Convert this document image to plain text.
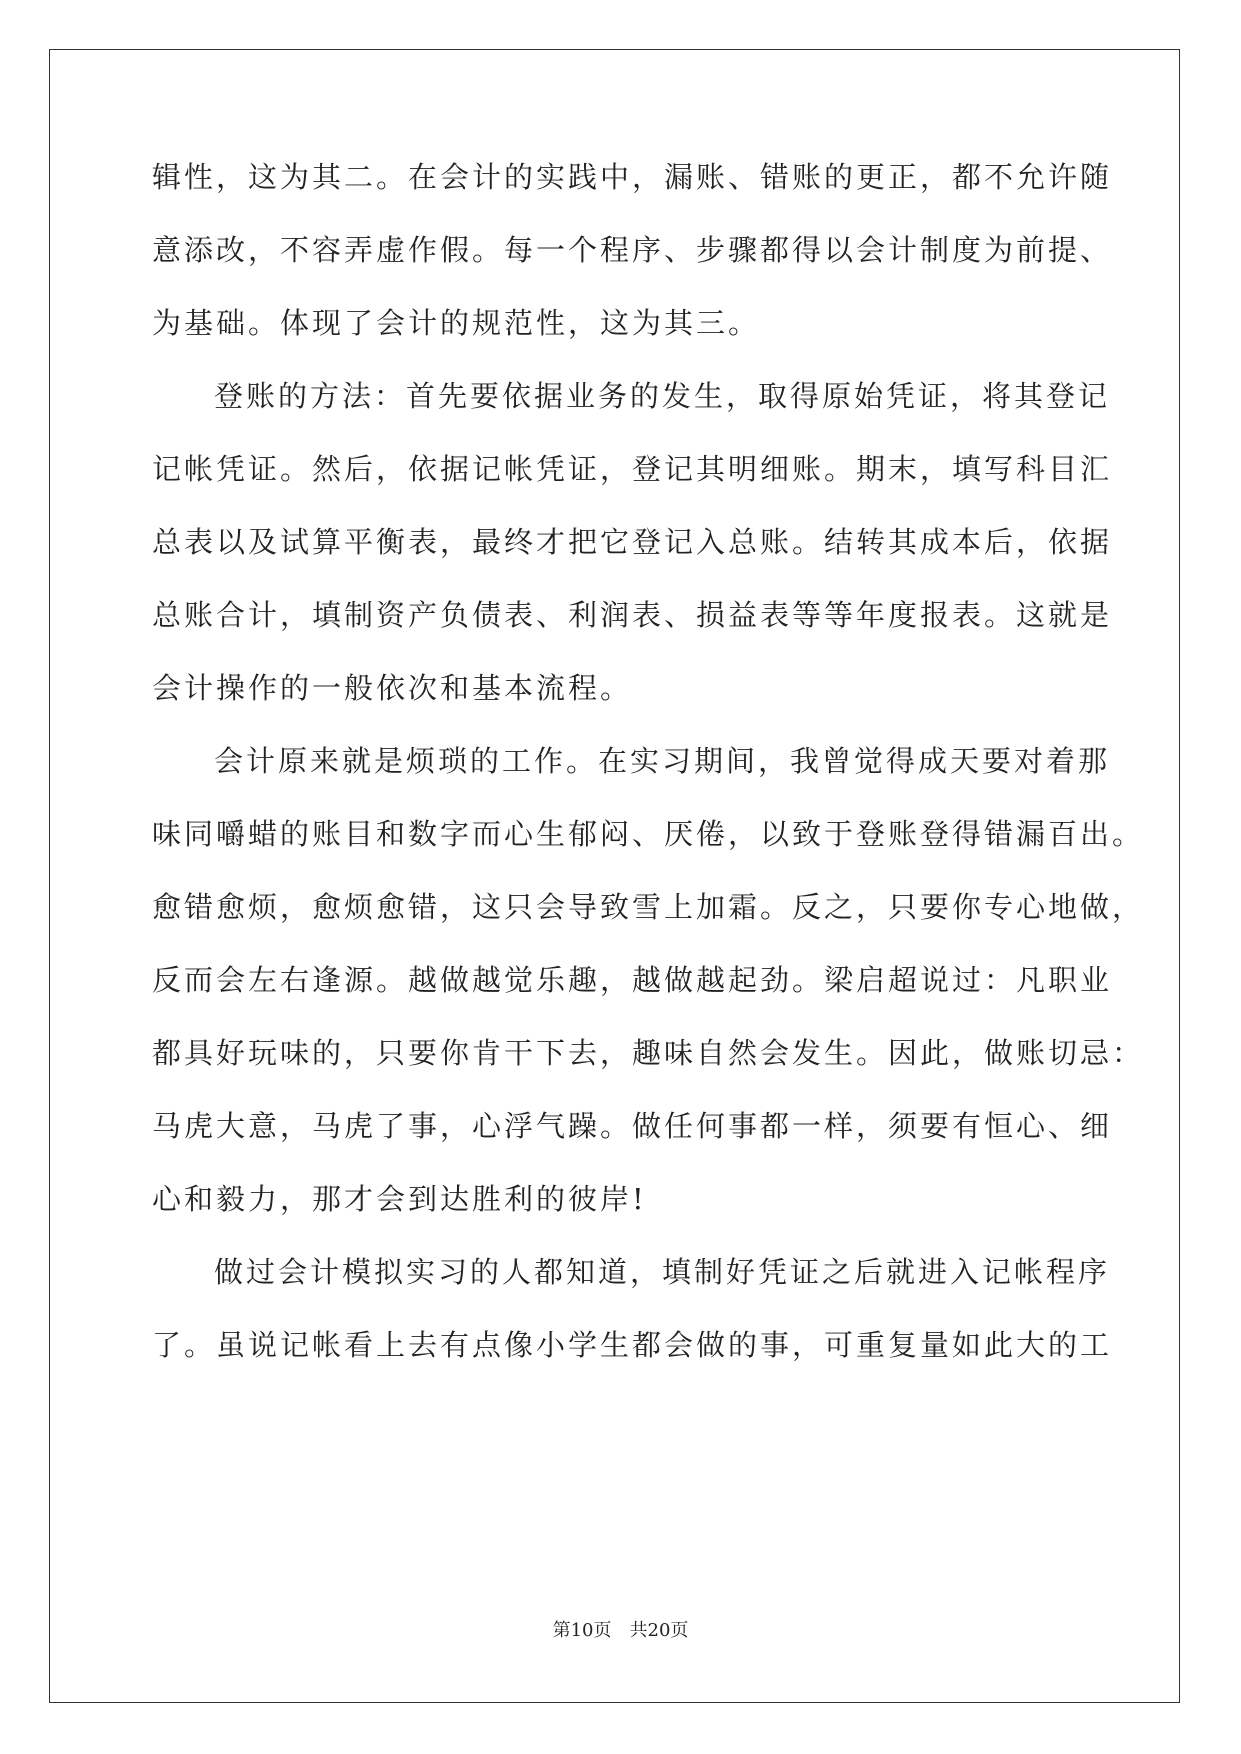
辑性，这为其二。在会计的实践中，漏账、错账的更正，都不允许随
意添改，不容弄虚作假。每一个程序、步骤都得以会计制度为前提、
为基础。体现了会计的规范性，这为其三。
登账的方法：首先要依据业务的发生，取得原始凭证，将其登记
记帐凭证。然后，依据记帐凭证，登记其明细账。期末，填写科目汇
总表以及试算平衡表，最终才把它登记入总账。结转其成本后，依据
总账合计，填制资产负债表、利润表、损益表等等年度报表。这就是
会计操作的一般依次和基本流程。
会计原来就是烦琐的工作。在实习期间，我曾觉得成天要对着那
味同嚼蜡的账目和数字而心生郁闷、厌倦，以致于登账登得错漏百出。
愈错愈烦，愈烦愈错，这只会导致雪上加霜。反之，只要你专心地做，
反而会左右逢源。越做越觉乐趣，越做越起劲。梁启超说过：凡职业
都具好玩味的，只要你肯干下去，趣味自然会发生。因此，做账切忌：
马虎大意，马虎了事，心浮气躁。做任何事都一样，须要有恒心、细
心和毅力，那才会到达胜利的彼岸!
做过会计模拟实习的人都知道，填制好凭证之后就进入记帐程序
了。虽说记帐看上去有点像小学生都会做的事，可重复量如此大的工
第10页　共20页
